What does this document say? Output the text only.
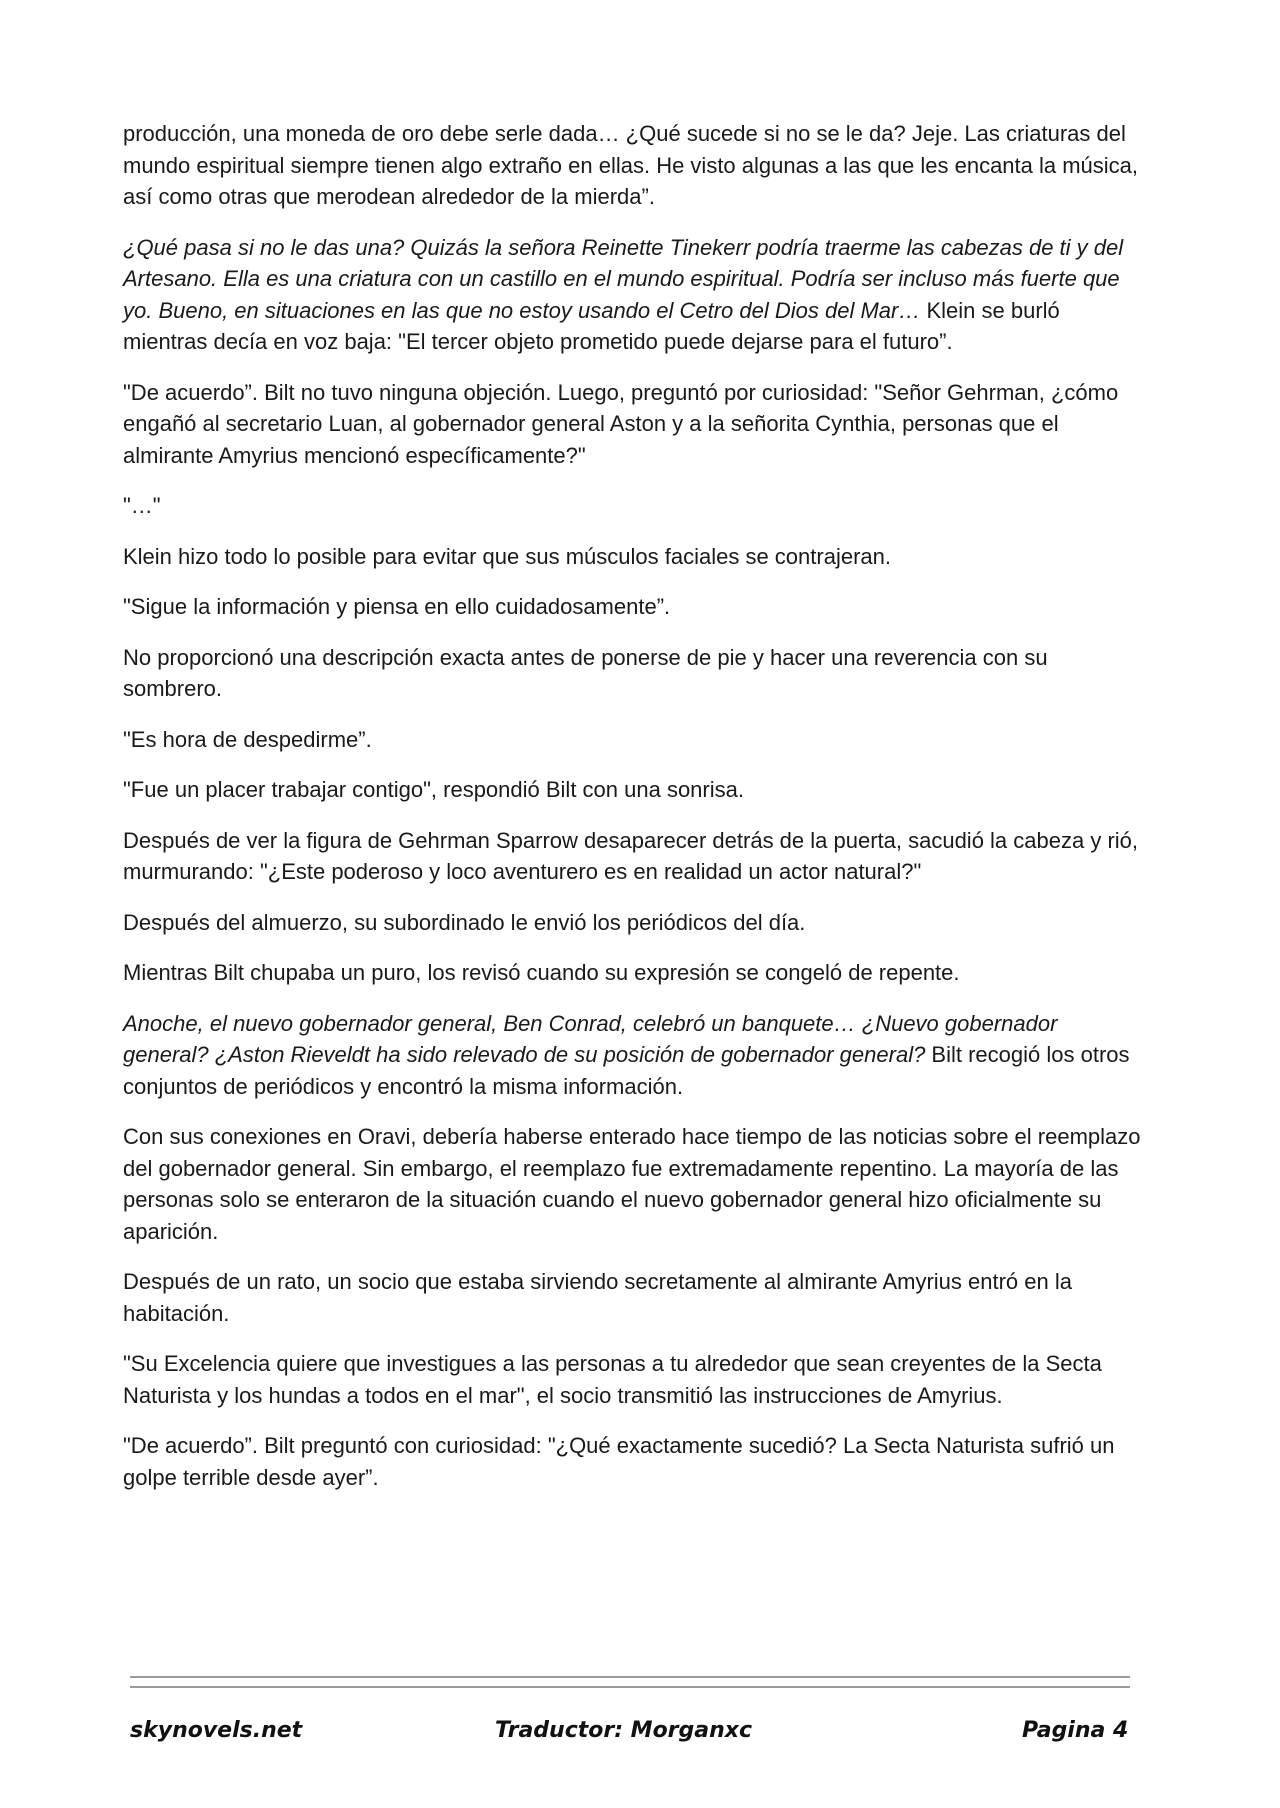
producción, una moneda de oro debe serle dada… ¿Qué sucede si no se le da? Jeje. Las criaturas del mundo espiritual siempre tienen algo extraño en ellas. He visto algunas a las que les encanta la música, así como otras que merodean alrededor de la mierda”.

¿Qué pasa si no le das una? Quizás la señora Reinette Tinekerr podría traerme las cabezas de ti y del Artesano. Ella es una criatura con un castillo en el mundo espiritual. Podría ser incluso más fuerte que yo. Bueno, en situaciones en las que no estoy usando el Cetro del Dios del Mar… Klein se burló mientras decía en voz baja: "El tercer objeto prometido puede dejarse para el futuro”.

"De acuerdo”. Bilt no tuvo ninguna objeción. Luego, preguntó por curiosidad: "Señor Gehrman, ¿cómo engañó al secretario Luan, al gobernador general Aston y a la señorita Cynthia, personas que el almirante Amyrius mencionó específicamente?"

"…"

Klein hizo todo lo posible para evitar que sus músculos faciales se contrajeran.

"Sigue la información y piensa en ello cuidadosamente”.

No proporcionó una descripción exacta antes de ponerse de pie y hacer una reverencia con su sombrero.

"Es hora de despedirme”.

"Fue un placer trabajar contigo", respondió Bilt con una sonrisa.

Después de ver la figura de Gehrman Sparrow desaparecer detrás de la puerta, sacudió la cabeza y rió, murmurando: "¿Este poderoso y loco aventurero es en realidad un actor natural?"

Después del almuerzo, su subordinado le envió los periódicos del día.

Mientras Bilt chupaba un puro, los revisó cuando su expresión se congeló de repente.

Anoche, el nuevo gobernador general, Ben Conrad, celebró un banquete… ¿Nuevo gobernador general? ¿Aston Rieveldt ha sido relevado de su posición de gobernador general? Bilt recogió los otros conjuntos de periódicos y encontró la misma información.

Con sus conexiones en Oravi, debería haberse enterado hace tiempo de las noticias sobre el reemplazo del gobernador general. Sin embargo, el reemplazo fue extremadamente repentino. La mayoría de las personas solo se enteraron de la situación cuando el nuevo gobernador general hizo oficialmente su aparición.

Después de un rato, un socio que estaba sirviendo secretamente al almirante Amyrius entró en la habitación.

"Su Excelencia quiere que investigues a las personas a tu alrededor que sean creyentes de la Secta Naturista y los hundas a todos en el mar", el socio transmitió las instrucciones de Amyrius.

"De acuerdo”. Bilt preguntó con curiosidad: "¿Qué exactamente sucedió? La Secta Naturista sufrió un golpe terrible desde ayer”.

skynovels.net	Traductor: Morganxc	Pagina 4
